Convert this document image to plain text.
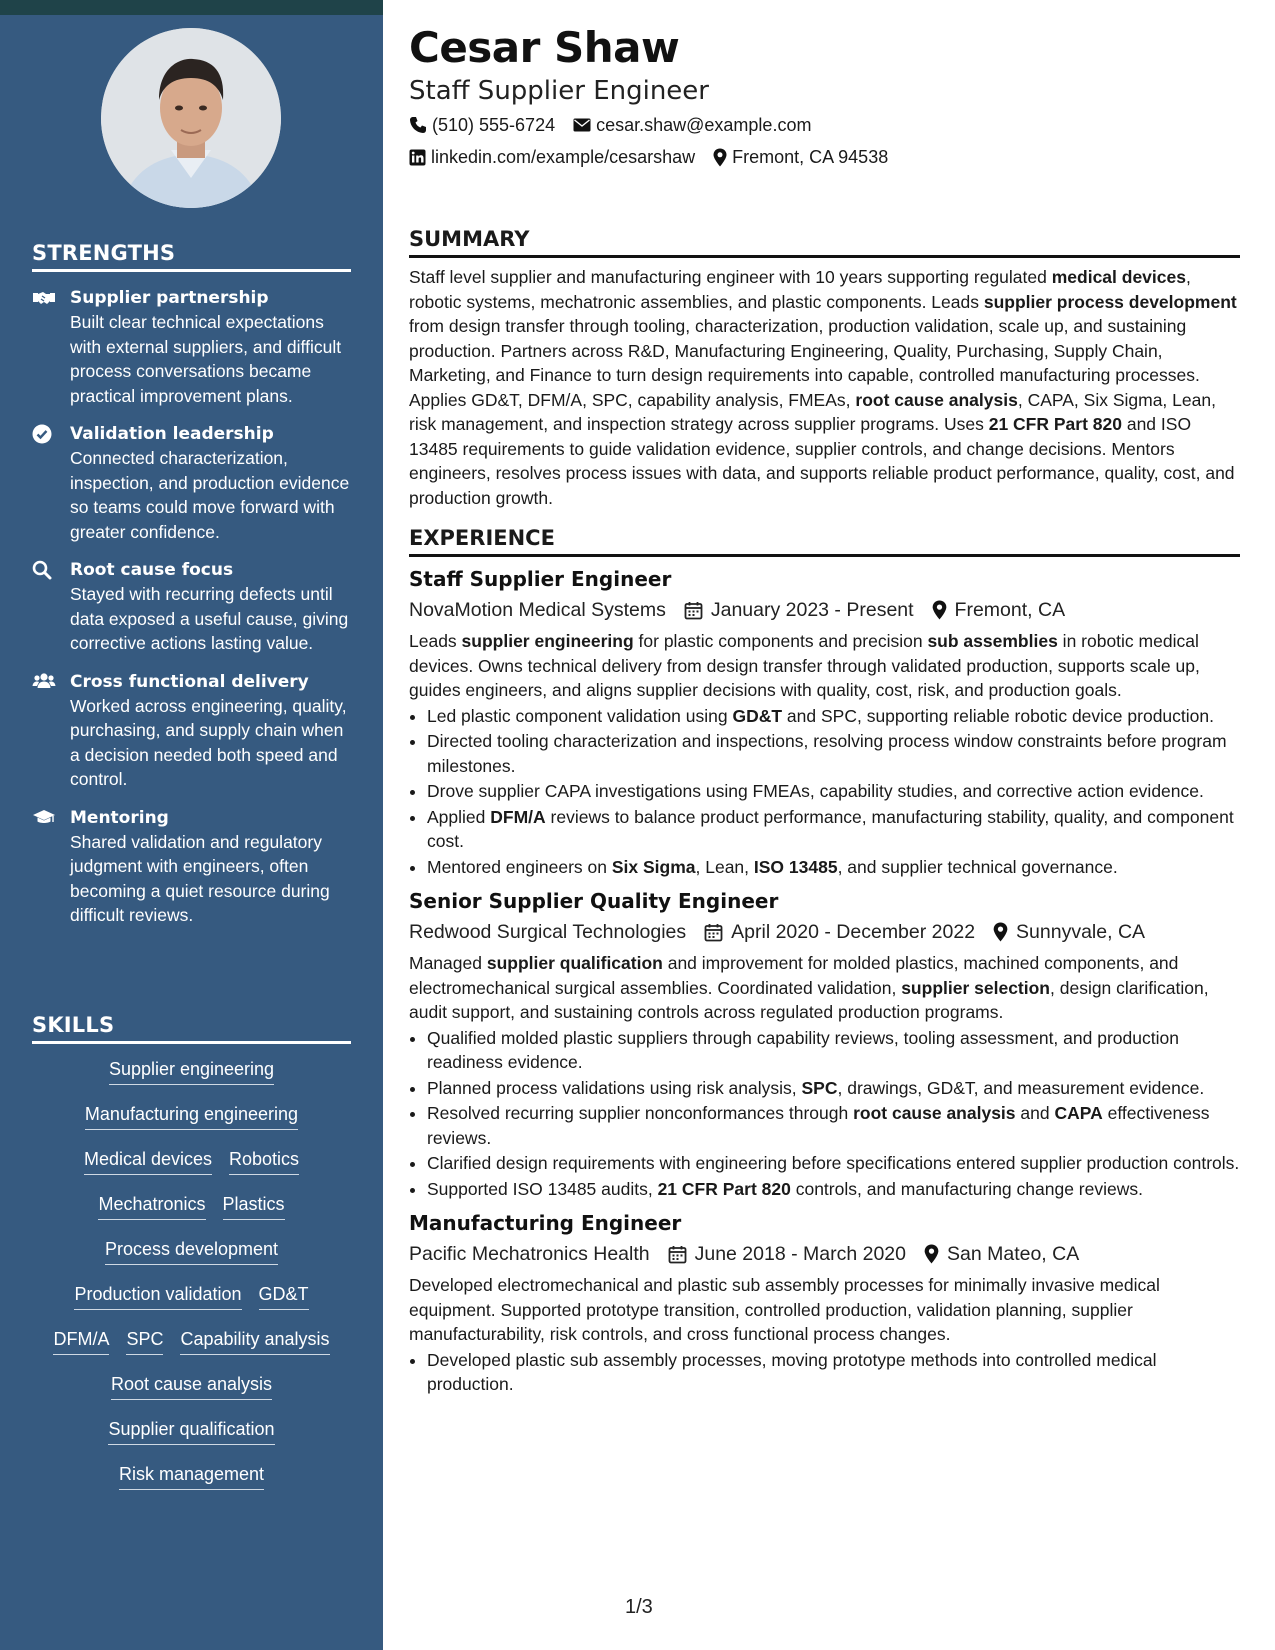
STRENGTHS
Supplier partnership
Built clear technical expectations with external suppliers, and difficult process conversations became practical improvement plans.
Validation leadership
Connected characterization, inspection, and production evidence so teams could move forward with greater confidence.
Root cause focus
Stayed with recurring defects until data exposed a useful cause, giving corrective actions lasting value.
Cross functional delivery
Worked across engineering, quality, purchasing, and supply chain when a decision needed both speed and control.
Mentoring
Shared validation and regulatory judgment with engineers, often becoming a quiet resource during difficult reviews.
SKILLS
Supplier engineering
Manufacturing engineering
Medical devices Robotics
Mechatronics Plastics
Process development
Production validation GD&T
DFM/A SPC Capability analysis
Root cause analysis
Supplier qualification
Risk management
Cesar Shaw
Staff Supplier Engineer
(510) 555-6724 cesar.shaw@example.com
linkedin.com/example/cesarshaw Fremont, CA 94538
SUMMARY
Staff level supplier and manufacturing engineer with 10 years supporting regulated medical devices, robotic systems, mechatronic assemblies, and plastic components. Leads supplier process development from design transfer through tooling, characterization, production validation, scale up, and sustaining production. Partners across R&D, Manufacturing Engineering, Quality, Purchasing, Supply Chain, Marketing, and Finance to turn design requirements into capable, controlled manufacturing processes. Applies GD&T, DFM/A, SPC, capability analysis, FMEAs, root cause analysis, CAPA, Six Sigma, Lean, risk management, and inspection strategy across supplier programs. Uses 21 CFR Part 820 and ISO 13485 requirements to guide validation evidence, supplier controls, and change decisions. Mentors engineers, resolves process issues with data, and supports reliable product performance, quality, cost, and production growth.
EXPERIENCE
Staff Supplier Engineer
NovaMotion Medical Systems January 2023 - Present Fremont, CA
Leads supplier engineering for plastic components and precision sub assemblies in robotic medical devices. Owns technical delivery from design transfer through validated production, supports scale up, guides engineers, and aligns supplier decisions with quality, cost, risk, and production goals.
• Led plastic component validation using GD&T and SPC, supporting reliable robotic device production.
• Directed tooling characterization and inspections, resolving process window constraints before program milestones.
• Drove supplier CAPA investigations using FMEAs, capability studies, and corrective action evidence.
• Applied DFM/A reviews to balance product performance, manufacturing stability, quality, and component cost.
• Mentored engineers on Six Sigma, Lean, ISO 13485, and supplier technical governance.
Senior Supplier Quality Engineer
Redwood Surgical Technologies April 2020 - December 2022 Sunnyvale, CA
Managed supplier qualification and improvement for molded plastics, machined components, and electromechanical surgical assemblies. Coordinated validation, supplier selection, design clarification, audit support, and sustaining controls across regulated production programs.
• Qualified molded plastic suppliers through capability reviews, tooling assessment, and production readiness evidence.
• Planned process validations using risk analysis, SPC, drawings, GD&T, and measurement evidence.
• Resolved recurring supplier nonconformances through root cause analysis and CAPA effectiveness reviews.
• Clarified design requirements with engineering before specifications entered supplier production controls.
• Supported ISO 13485 audits, 21 CFR Part 820 controls, and manufacturing change reviews.
Manufacturing Engineer
Pacific Mechatronics Health June 2018 - March 2020 San Mateo, CA
Developed electromechanical and plastic sub assembly processes for minimally invasive medical equipment. Supported prototype transition, controlled production, validation planning, supplier manufacturability, risk controls, and cross functional process changes.
• Developed plastic sub assembly processes, moving prototype methods into controlled medical production.
1/3
